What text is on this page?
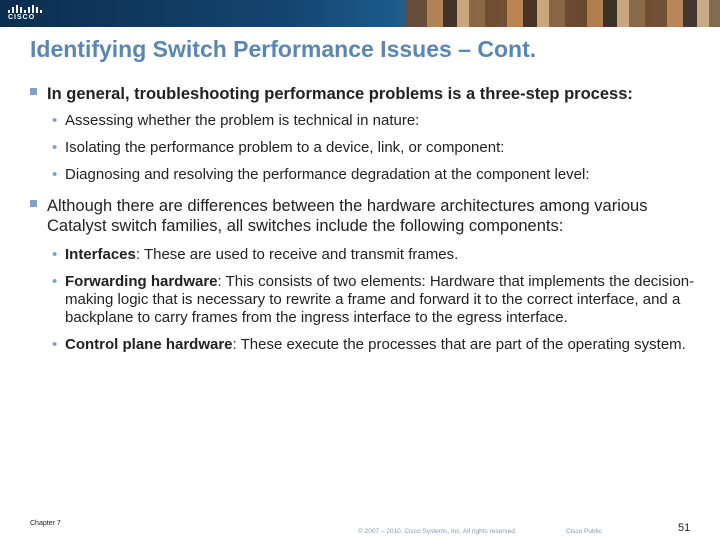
CISCO
Identifying Switch Performance Issues – Cont.
In general, troubleshooting performance problems is a three-step process:
• Assessing whether the problem is technical in nature:
• Isolating the performance problem to a device, link, or component:
• Diagnosing and resolving the performance degradation at the component level:
Although there are differences between the hardware architectures among various Catalyst switch families, all switches include the following components:
• Interfaces: These are used to receive and transmit frames.
• Forwarding hardware: This consists of two elements: Hardware that implements the decision-making logic that is necessary to rewrite a frame and forward it to the correct interface, and a backplane to carry frames from the ingress interface to the egress interface.
• Control plane hardware: These execute the processes that are part of the operating system.
Chapter 7
© 2007 – 2010, Cisco Systems, Inc. All rights reserved.	Cisco Public	51
